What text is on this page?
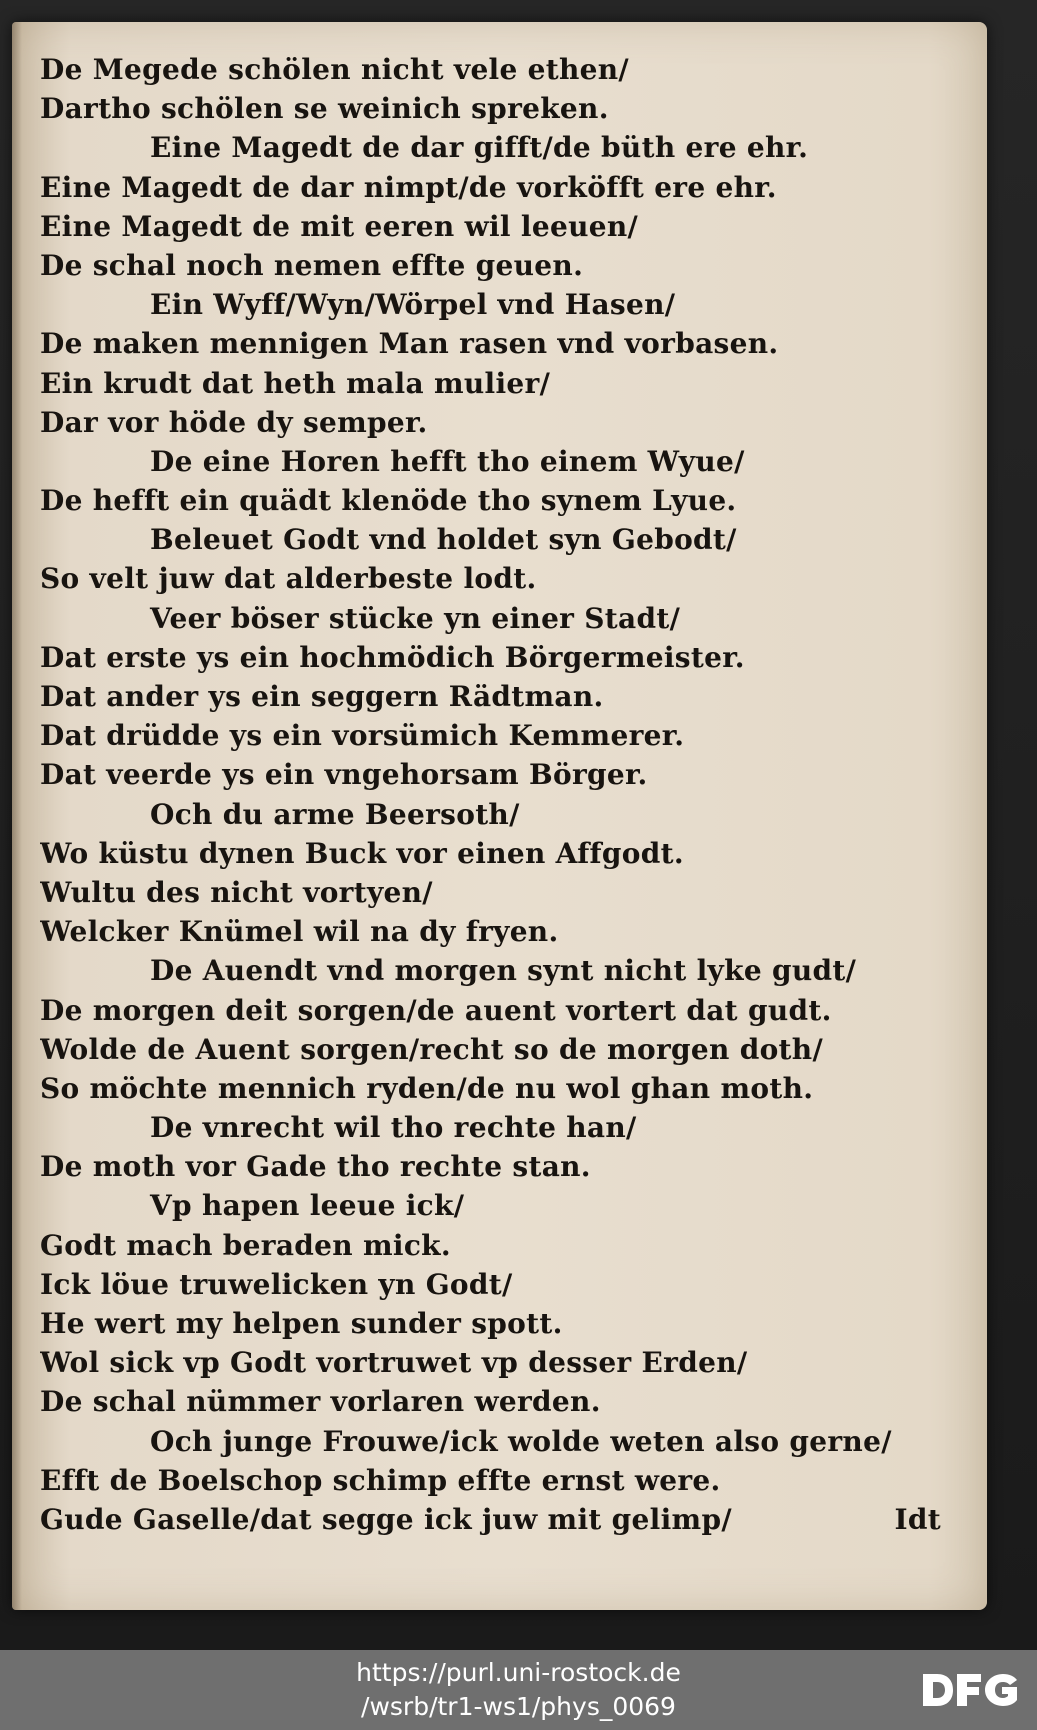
De Megede schölen nicht vele ethen/
Dartho schölen se weinich spreken.
Eine Magedt de dar gifft/de büth ere ehr.
Eine Magedt de dar nimpt/de vorköfft ere ehr.
Eine Magedt de mit eeren wil leeuen/
De schal noch nemen effte geuen.
Ein Wyff/Wyn/Wörpel vnd Hasen/
De maken mennigen Man rasen vnd vorbasen.
Ein krudt dat heth mala mulier/
Dar vor höde dy semper.
De eine Horen hefft tho einem Wyue/
De hefft ein quädt klenöde tho synem Lyue.
Beleuet Godt vnd holdet syn Gebodt/
So velt juw dat alderbeste lodt.
Veer böser stücke yn einer Stadt/
Dat erste ys ein hochmödich Börgermeister.
Dat ander ys ein seggern Rädtman.
Dat drüdde ys ein vorsümich Kemmerer.
Dat veerde ys ein vngehorsam Börger.
Och du arme Beersoth/
Wo küstu dynen Buck vor einen Affgodt.
Wultu des nicht vortyen/
Welcker Knümel wil na dy fryen.
De Auendt vnd morgen synt nicht lyke gudt/
De morgen deit sorgen/de auent vortert dat gudt.
Wolde de Auent sorgen/recht so de morgen doth/
So möchte mennich ryden/de nu wol ghan moth.
De vnrecht wil tho rechte han/
De moth vor Gade tho rechte stan.
Vp hapen leeue ick/
Godt mach beraden mick.
Ick löue truwelicken yn Godt/
He wert my helpen sunder spott.
Wol sick vp Godt vortruwet vp desser Erden/
De schal nümmer vorlaren werden.
Och junge Frouwe/ick wolde weten also gerne/
Efft de Boelschop schimp effte ernst were.
Gude Gaselle/dat segge ick juw mit gelimp/	Idt
https://purl.uni-rostock.de
/wsrb/tr1-ws1/phys_0069
